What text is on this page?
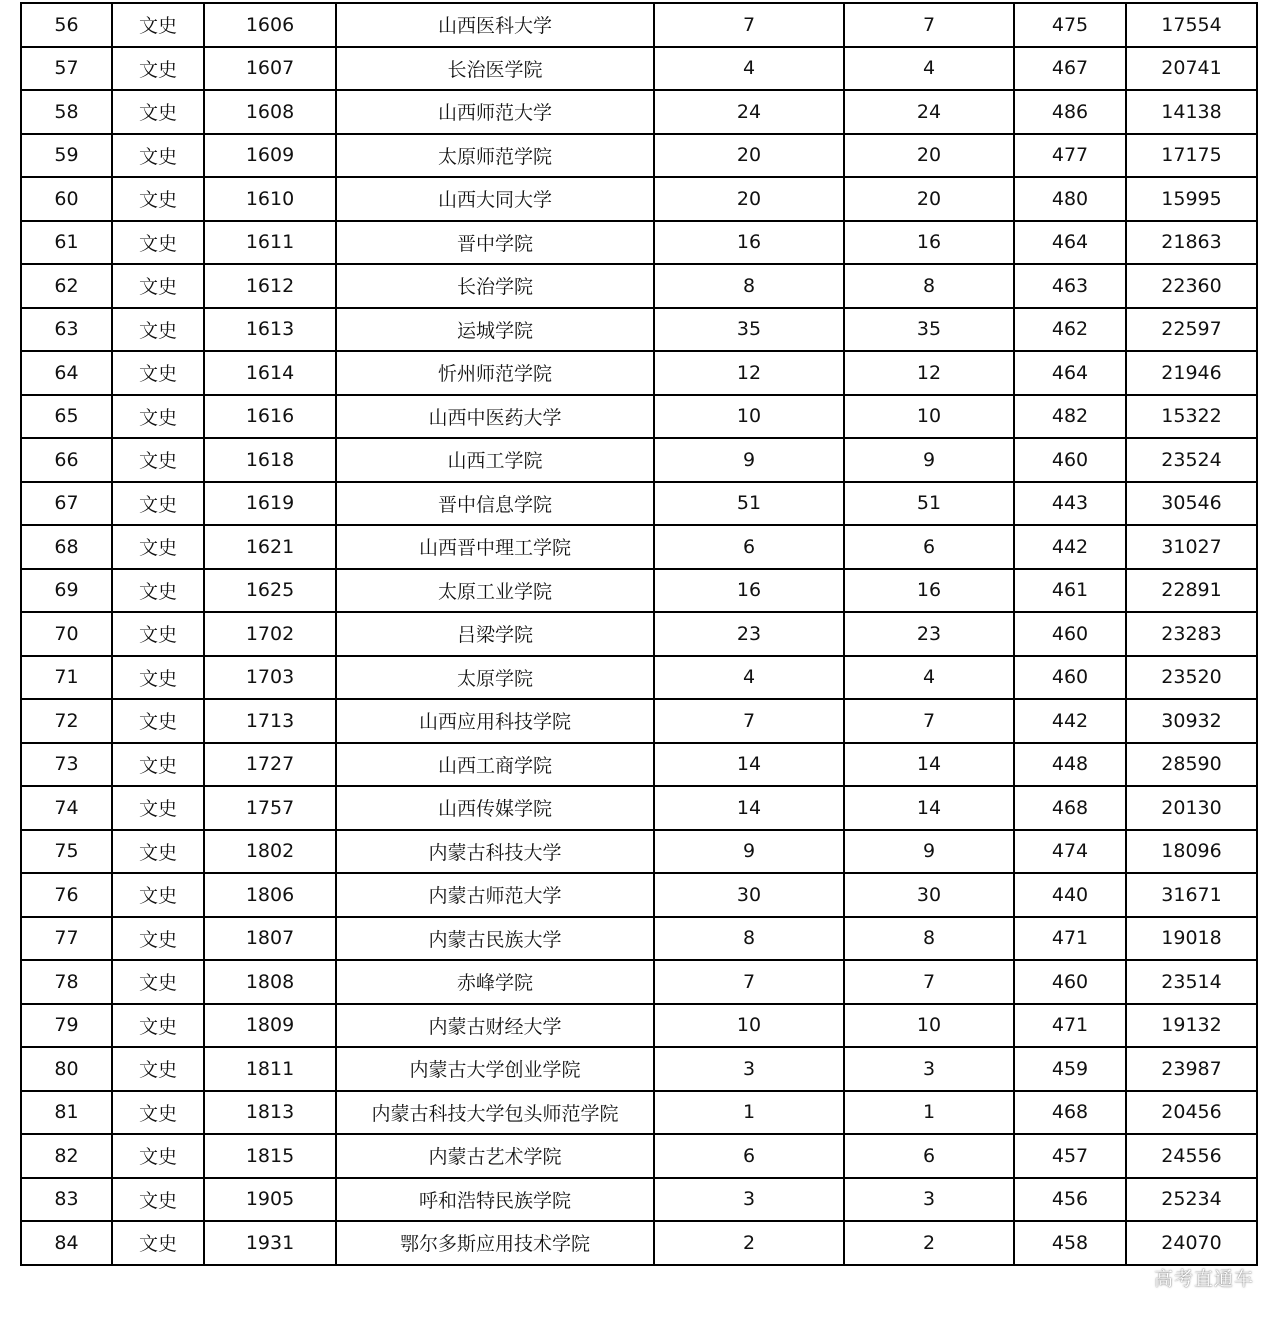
56	文史	1606	山西医科大学	7	7	475	17554
57	文史	1607	长治医学院	4	4	467	20741
58	文史	1608	山西师范大学	24	24	486	14138
59	文史	1609	太原师范学院	20	20	477	17175
60	文史	1610	山西大同大学	20	20	480	15995
61	文史	1611	晋中学院	16	16	464	21863
62	文史	1612	长治学院	8	8	463	22360
63	文史	1613	运城学院	35	35	462	22597
64	文史	1614	忻州师范学院	12	12	464	21946
65	文史	1616	山西中医药大学	10	10	482	15322
66	文史	1618	山西工学院	9	9	460	23524
67	文史	1619	晋中信息学院	51	51	443	30546
68	文史	1621	山西晋中理工学院	6	6	442	31027
69	文史	1625	太原工业学院	16	16	461	22891
70	文史	1702	吕梁学院	23	23	460	23283
71	文史	1703	太原学院	4	4	460	23520
72	文史	1713	山西应用科技学院	7	7	442	30932
73	文史	1727	山西工商学院	14	14	448	28590
74	文史	1757	山西传媒学院	14	14	468	20130
75	文史	1802	内蒙古科技大学	9	9	474	18096
76	文史	1806	内蒙古师范大学	30	30	440	31671
77	文史	1807	内蒙古民族大学	8	8	471	19018
78	文史	1808	赤峰学院	7	7	460	23514
79	文史	1809	内蒙古财经大学	10	10	471	19132
80	文史	1811	内蒙古大学创业学院	3	3	459	23987
81	文史	1813	内蒙古科技大学包头师范学院	1	1	468	20456
82	文史	1815	内蒙古艺术学院	6	6	457	24556
83	文史	1905	呼和浩特民族学院	3	3	456	25234
84	文史	1931	鄂尔多斯应用技术学院	2	2	458	24070
高考直通车
